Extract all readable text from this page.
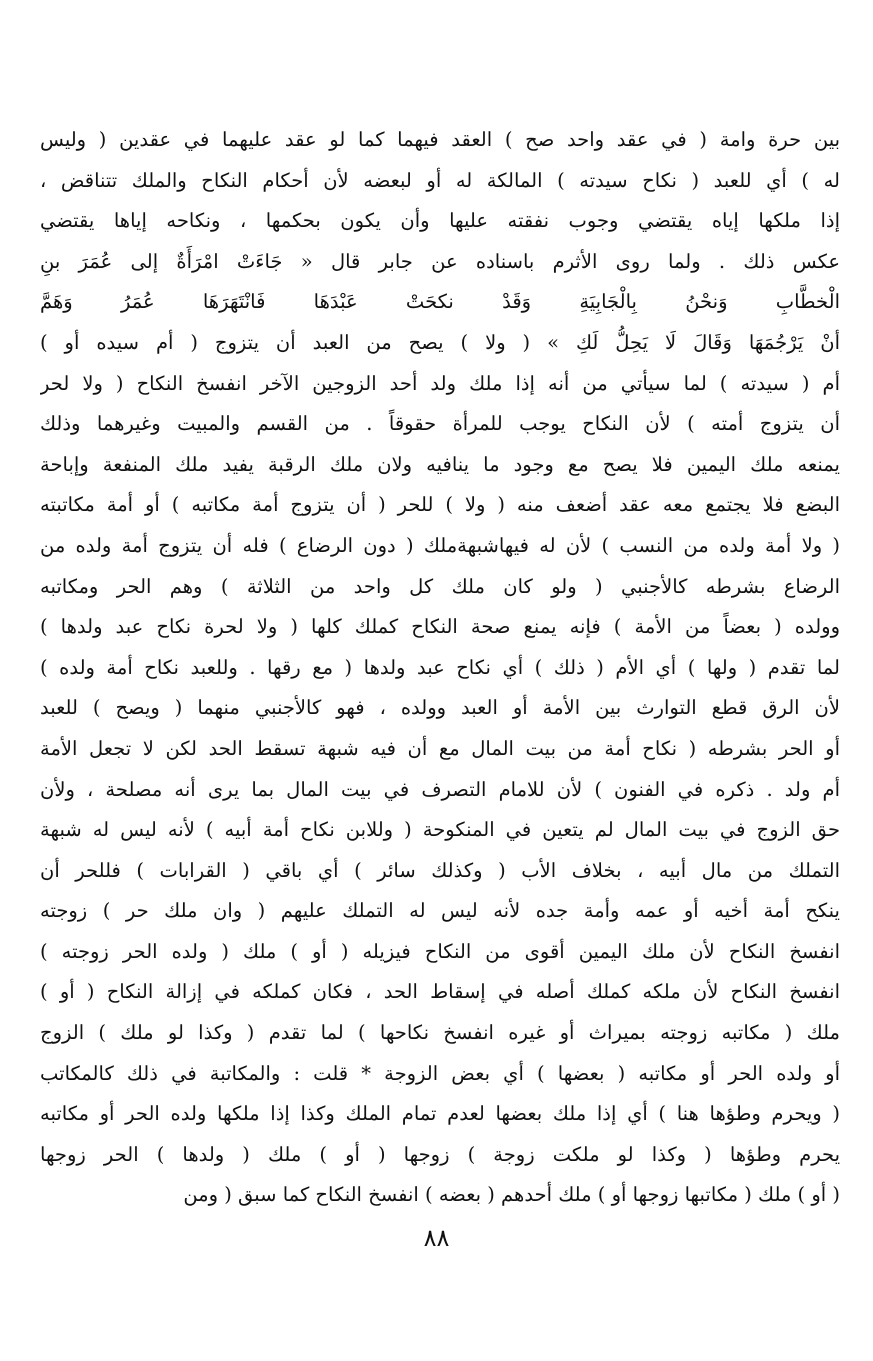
بين حرة وامة ( في عقد واحد صح ) العقد فيهما كما لو عقد عليهما في عقدين ( وليس
له ) أي للعبد ( نكاح سيدته ) المالكة له أو لبعضه لأن أحكام النكاح والملك تتناقض ،
إذا ملكها إياه يقتضي وجوب نفقته عليها وأن يكون بحكمها ، ونكاحه إياها يقتضي
عكس ذلك . ولما روى الأثرم باسناده عن جابر قال « جَاءَتْ امْرَأَةٌ إلى عُمَرَ بنِ
الْخطَّابِ وَنحْنُ بِالْجَابِيَةِ وَقَدْ نكحَتْ عَبْدَهَا فَانْتَهَرَهَا عُمَرُ وَهَمَّ
أنْ يَرْجُمَهَا وَقَالَ لَا يَحِلُّ لَكِ » ( ولا ) يصح من العبد أن يتزوج ( أم سيده أو )
أم ( سيدته ) لما سيأتي من أنه إذا ملك ولد أحد الزوجين الآخر انفسخ النكاح ( ولا لحر
أن يتزوج أمته ) لأن النكاح يوجب للمرأة حقوقاً . من القسم والمبيت وغيرهما وذلك
يمنعه ملك اليمين فلا يصح مع وجود ما ينافيه ولان ملك الرقبة يفيد ملك المنفعة وإباحة
البضع فلا يجتمع معه عقد أضعف منه ( ولا ) للحر ( أن يتزوج أمة مكاتبه ) أو أمة مكاتبته
( ولا أمة ولده من النسب ) لأن له فيهاشبهةملك ( دون الرضاع ) فله أن يتزوج أمة ولده من
الرضاع بشرطه كالأجنبي ( ولو كان ملك كل واحد من الثلاثة ) وهم الحر ومكاتبه
وولده ( بعضاً من الأمة ) فإنه يمنع صحة النكاح كملك كلها ( ولا لحرة نكاح عبد ولدها )
لما تقدم ( ولها ) أي الأم ( ذلك ) أي نكاح عبد ولدها ( مع رقها . وللعبد نكاح أمة ولده )
لأن الرق قطع التوارث بين الأمة أو العبد وولده ، فهو كالأجنبي منهما ( ويصح ) للعبد
أو الحر بشرطه ( نكاح أمة من بيت المال مع أن فيه شبهة تسقط الحد لكن لا تجعل الأمة
أم ولد . ذكره في الفنون ) لأن للامام التصرف في بيت المال بما يرى أنه مصلحة ، ولأن
حق الزوج في بيت المال لم يتعين في المنكوحة ( وللابن نكاح أمة أبيه ) لأنه ليس له شبهة
التملك من مال أبيه ، بخلاف الأب ( وكذلك سائر ) أي باقي ( القرابات ) فللحر أن
ينكح أمة أخيه أو عمه وأمة جده لأنه ليس له التملك عليهم ( وان ملك حر ) زوجته
انفسخ النكاح لأن ملك اليمين أقوى من النكاح فيزيله ( أو ) ملك ( ولده الحر زوجته )
انفسخ النكاح لأن ملكه كملك أصله في إسقاط الحد ، فكان كملكه في إزالة النكاح ( أو )
ملك ( مكاتبه زوجته بميراث أو غيره انفسخ نكاحها ) لما تقدم ( وكذا لو ملك ) الزوج
أو ولده الحر أو مكاتبه ( بعضها ) أي بعض الزوجة * قلت : والمكاتبة في ذلك كالمكاتب
( ويحرم وطؤها هنا ) أي إذا ملك بعضها لعدم تمام الملك وكذا إذا ملكها ولده الحر أو مكاتبه
يحرم وطؤها ( وكذا لو ملكت زوجة ) زوجها ( أو ) ملك ( ولدها ) الحر زوجها
( أو ) ملك ( مكاتبها زوجها أو ) ملك أحدهم ( بعضه ) انفسخ النكاح كما سبق ( ومن
٨٨
